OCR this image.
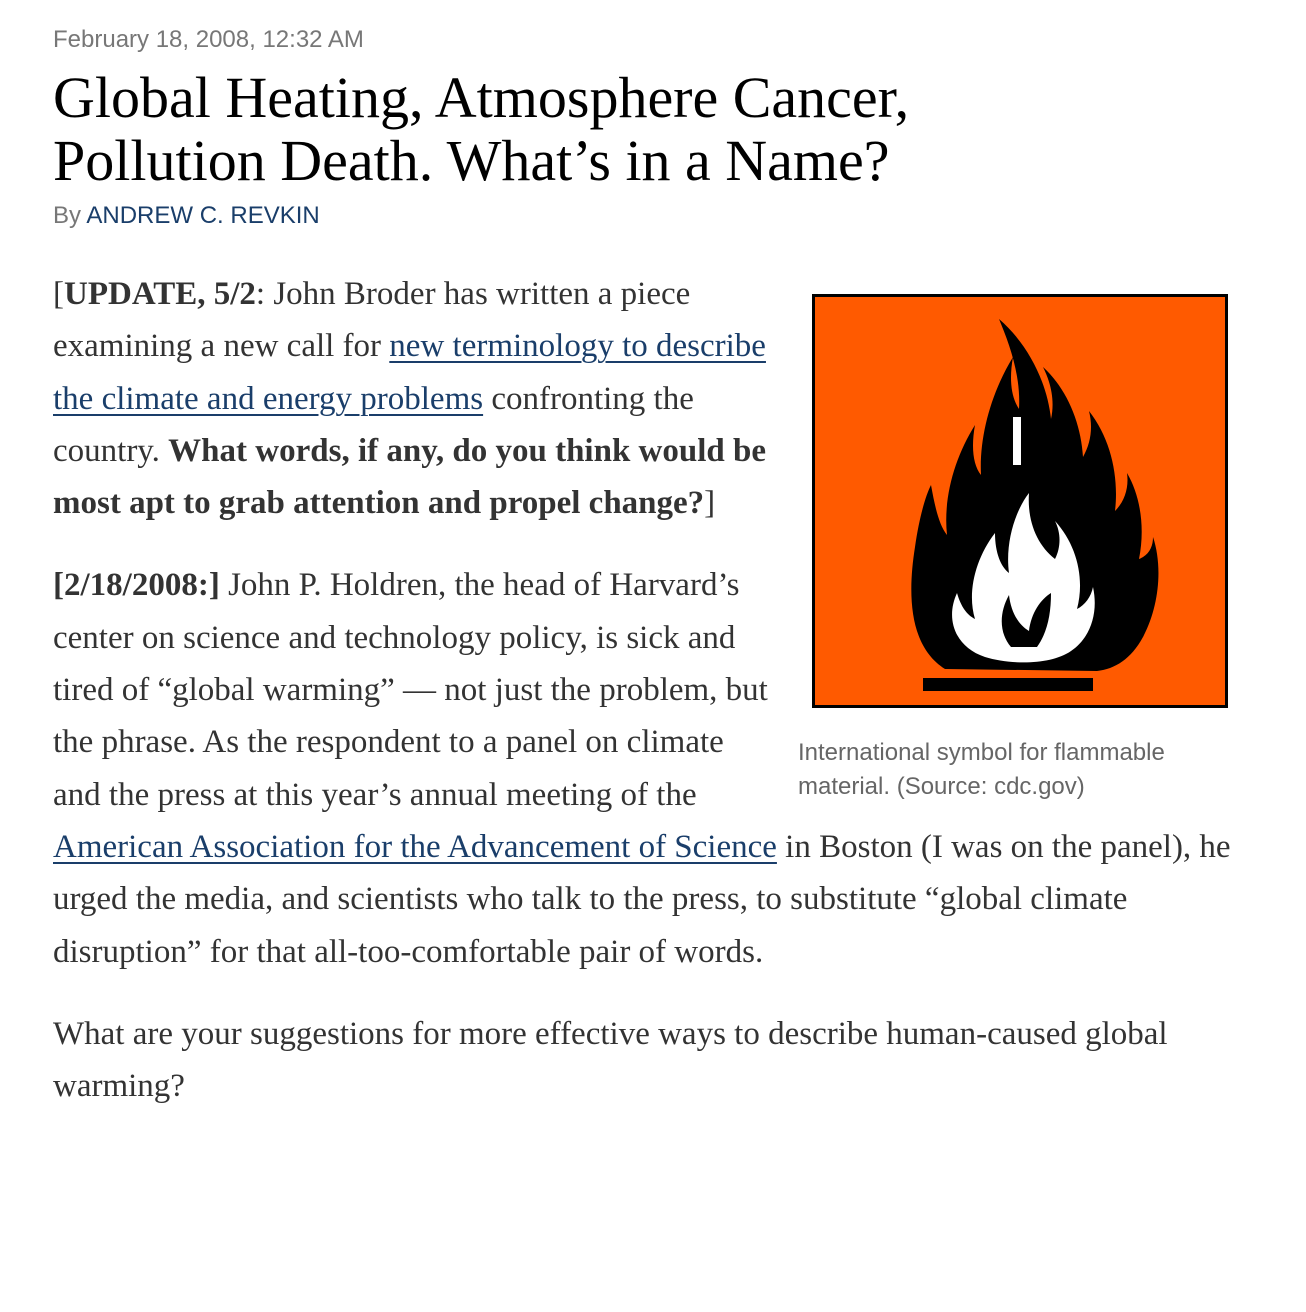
February 18, 2008, 12:32 AM
Global Heating, Atmosphere Cancer,
Pollution Death. What’s in a Name?
By ANDREW C. REVKIN
International symbol for flammable material. (Source: cdc.gov)

[UPDATE, 5/2: John Broder has written a piece examining a new call for new terminology to describe the climate and energy problems confronting the country. What words, if any, do you think would be most apt to grab attention and propel change?]

[2/18/2008:] John P. Holdren, the head of Harvard’s center on science and technology policy, is sick and tired of “global warming” — not just the problem, but the phrase. As the respondent to a panel on climate and the press at this year’s annual meeting of the American Association for the Advancement of Science in Boston (I was on the panel), he urged the media, and scientists who talk to the press, to substitute “global climate disruption” for that all-too-comfortable pair of words.

What are your suggestions for more effective ways to describe human-caused global warming?
